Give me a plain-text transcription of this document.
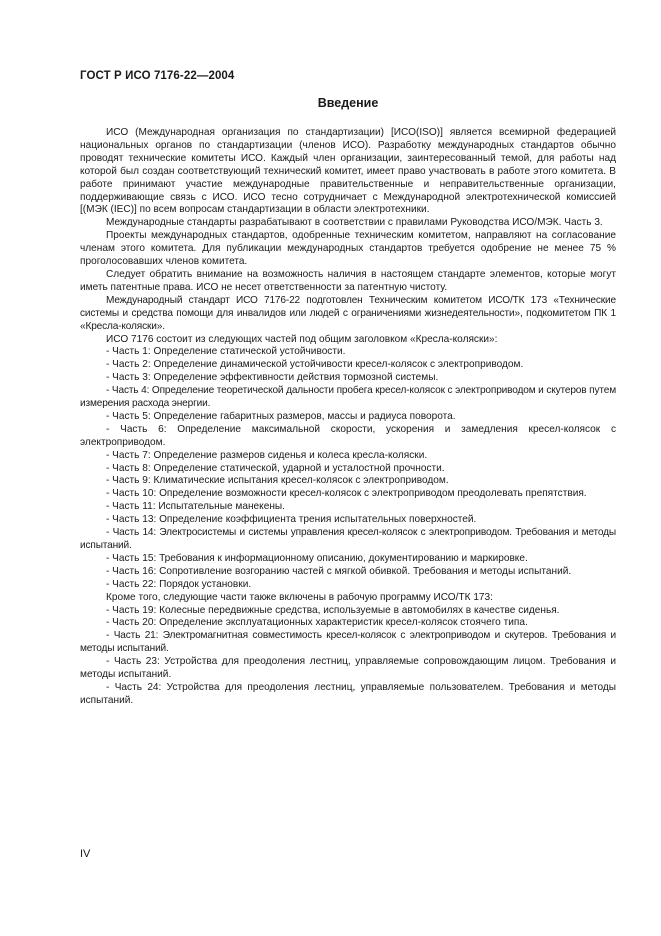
ГОСТ Р ИСО 7176-22—2004
Введение

ИСО (Международная организация по стандартизации) [ИСО(ISO)] является всемирной федерацией национальных органов по стандартизации (членов ИСО). Разработку международных стандартов обычно проводят технические комитеты ИСО. Каждый член организации, заинтересованный темой, для работы над которой был создан соответствующий технический комитет, имеет право участвовать в работе этого комитета. В работе принимают участие международные правительственные и неправительственные организации, поддерживающие связь с ИСО. ИСО тесно сотрудничает с Международной электротехнической комиссией [(МЭК (IEC)] по всем вопросам стандартизации в области электротехники.

Международные стандарты разрабатывают в соответствии с правилами Руководства ИСО/МЭК. Часть 3.

Проекты международных стандартов, одобренные техническим комитетом, направляют на согласование членам этого комитета. Для публикации международных стандартов требуется одобрение не менее 75 % проголосовавших членов комитета.

Следует обратить внимание на возможность наличия в настоящем стандарте элементов, которые могут иметь патентные права. ИСО не несет ответственности за патентную чистоту.

Международный стандарт ИСО 7176-22 подготовлен Техническим комитетом ИСО/ТК 173 «Технические системы и средства помощи для инвалидов или людей с ограничениями жизнедеятельности», подкомитетом ПК 1 «Кресла-коляски».

ИСО 7176 состоит из следующих частей под общим заголовком «Кресла-коляски»:

- Часть 1: Определение статической устойчивости.

- Часть 2: Определение динамической устойчивости кресел-колясок с электроприводом.

- Часть 3: Определение эффективности действия тормозной системы.

- Часть 4: Определение теоретической дальности пробега кресел-колясок с электроприводом и скутеров путем измерения расхода энергии.

- Часть 5: Определение габаритных размеров, массы и радиуса поворота.

- Часть 6: Определение максимальной скорости, ускорения и замедления кресел-колясок с электроприводом.

- Часть 7: Определение размеров сиденья и колеса кресла-коляски.

- Часть 8: Определение статической, ударной и усталостной прочности.

- Часть 9: Климатические испытания кресел-колясок с электроприводом.

- Часть 10: Определение возможности кресел-колясок с электроприводом преодолевать препятствия.

- Часть 11: Испытательные манекены.

- Часть 13: Определение коэффициента трения испытательных поверхностей.

- Часть 14: Электросистемы и системы управления кресел-колясок с электроприводом. Требования и методы испытаний.

- Часть 15: Требования к информационному описанию, документированию и маркировке.

- Часть 16: Сопротивление возгоранию частей с мягкой обивкой. Требования и методы испытаний.

- Часть 22: Порядок установки.

Кроме того, следующие части также включены в рабочую программу ИСО/ТК 173:

- Часть 19: Колесные передвижные средства, используемые в автомобилях в качестве сиденья.

- Часть 20: Определение эксплуатационных характеристик кресел-колясок стоячего типа.

- Часть 21: Электромагнитная совместимость кресел-колясок с электроприводом и скутеров. Требования и методы испытаний.

- Часть 23: Устройства для преодоления лестниц, управляемые сопровождающим лицом. Требования и методы испытаний.

- Часть 24: Устройства для преодоления лестниц, управляемые пользователем. Требования и методы испытаний.

IV
